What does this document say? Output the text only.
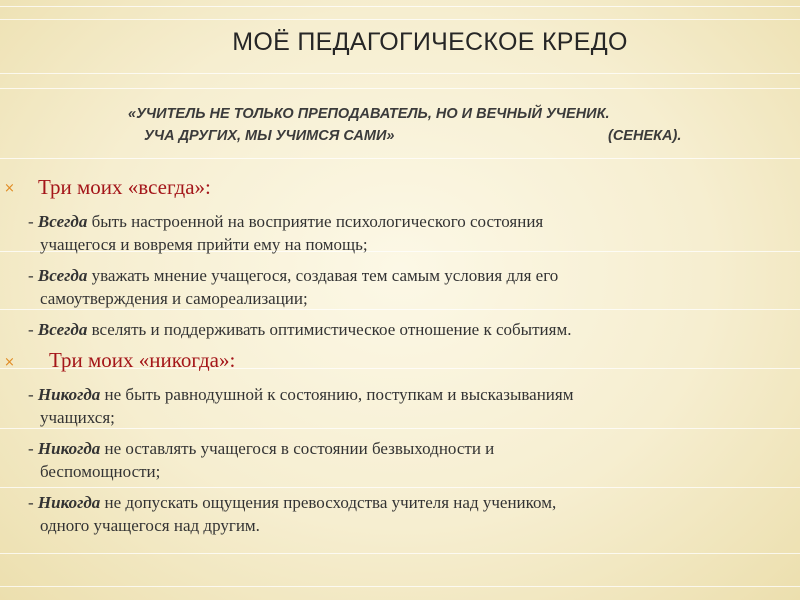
МОЁ ПЕДАГОГИЧЕСКОЕ КРЕДО
«УЧИТЕЛЬ НЕ ТОЛЬКО ПРЕПОДАВАТЕЛЬ, НО И ВЕЧНЫЙ УЧЕНИК.
УЧА ДРУГИХ, МЫ УЧИМСЯ САМИ»	(СЕНЕКА).
× Три моих «всегда»:
- Всегда быть настроенной на восприятие психологического состояния
учащегося и вовремя прийти ему на помощь;
- Всегда уважать мнение учащегося, создавая тем самым условия для его
самоутверждения и самореализации;
- Всегда вселять и поддерживать оптимистическое отношение к событиям.
× Три моих «никогда»:
- Никогда не быть равнодушной к состоянию, поступкам и высказываниям
учащихся;
- Никогда не оставлять учащегося в состоянии безвыходности и
беспомощности;
- Никогда не допускать ощущения превосходства учителя над учеником,
одного учащегося над другим.
